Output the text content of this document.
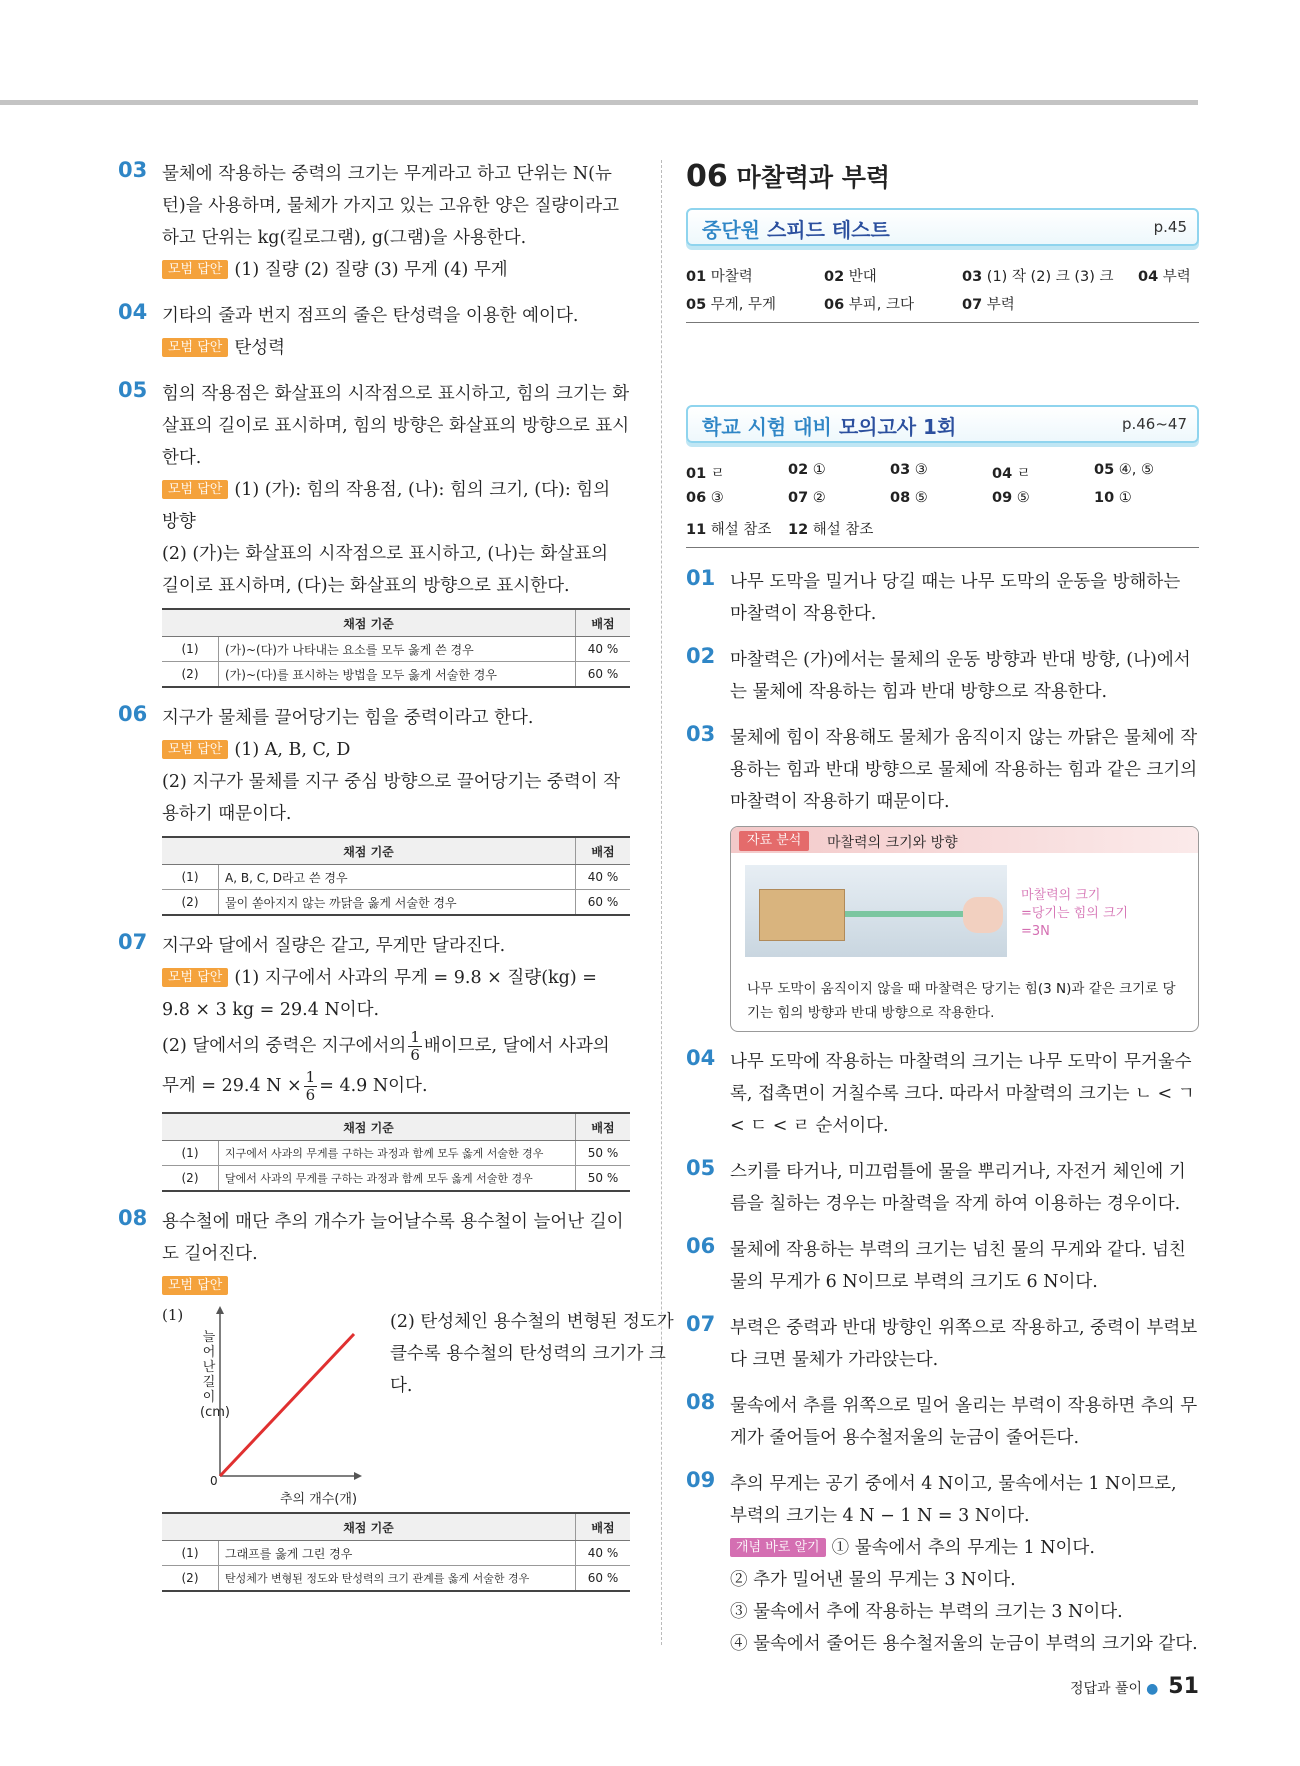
03 물체에 작용하는 중력의 크기는 무게라고 하고 단위는 N(뉴턴)을 사용하며, 물체가 가지고 있는 고유한 양은 질량이라고 하고 단위는 kg(킬로그램), g(그램)을 사용한다.

모범 답안 (1) 질량 (2) 질량 (3) 무게 (4) 무게

04 기타의 줄과 번지 점프의 줄은 탄성력을 이용한 예이다.

모범 답안 탄성력

05 힘의 작용점은 화살표의 시작점으로 표시하고, 힘의 크기는 화살표의 길이로 표시하며, 힘의 방향은 화살표의 방향으로 표시한다.

모범 답안 (1) (가): 힘의 작용점, (나): 힘의 크기, (다): 힘의 방향

(2) (가)는 화살표의 시작점으로 표시하고, (나)는 화살표의 길이로 표시하며, (다)는 화살표의 방향으로 표시한다.

채점 기준		배점
(1)	(가)~(다)가 나타내는 요소를 모두 옳게 쓴 경우	40 %
(2)	(가)~(다)를 표시하는 방법을 모두 옳게 서술한 경우	60 %
06 지구가 물체를 끌어당기는 힘을 중력이라고 한다.

모범 답안 (1) A, B, C, D

(2) 지구가 물체를 지구 중심 방향으로 끌어당기는 중력이 작용하기 때문이다.

채점 기준		배점
(1)	A, B, C, D라고 쓴 경우	40 %
(2)	물이 쏟아지지 않는 까닭을 옳게 서술한 경우	60 %
07 지구와 달에서 질량은 같고, 무게만 달라진다.

모범 답안 (1) 지구에서 사과의 무게 = 9.8 × 질량(kg) = 9.8 × 3 kg = 29.4 N이다.

(2) 달에서의 중력은 지구에서의 $\frac{1}{6}$ 배이므로, 달에서 사과의

무게 = 29.4 $N \times \frac{1}{6} = 4.9$ N이다.

채점 기준		배점
(1)	지구에서 사과의 무게를 구하는 과정과 함께 모두 옳게 서술한 경우	50 %
(2)	달에서 사과의 무게를 구하는 과정과 함께 모두 옳게 서술한 경우	50 %
08 용수철에 매단 추의 개수가 늘어날수록 용수철이 늘어난 길이도 길어진다.

모범 답안

(1)
늘어난 길이(cm)
0
추의 개수(개)

(2) 탄성체인 용수철의 변형된 정도가 클수록 용수철의 탄성력의 크기가 크다.

채점 기준		배점
(1)	그래프를 옳게 그린 경우	40 %
(2)	탄성체가 변형된 정도와 탄성력의 크기 관계를 옳게 서술한 경우	60 %
06 마찰력과 부력
중단원 스피드 테스트	p.45
01 마찰력	02 반대	03 (1) 작 (2) 크 (3) 크 04 부력
05 무게, 무게	06 부피, 크다	07 부력
학교 시험 대비 모의고사 1회	p.46~47
01 ㄹ	02 ①	03 ③	04 ㄹ	05 ④, ⑤
06 ③	07 ②	08 ⑤	09 ⑤	10 ①
11 해설 참조 12 해설 참조
01 나무 도막을 밀거나 당길 때는 나무 도막의 운동을 방해하는 마찰력이 작용한다.

02 마찰력은 (가)에서는 물체의 운동 방향과 반대 방향, (나)에서는 물체에 작용하는 힘과 반대 방향으로 작용한다.

03 물체에 힘이 작용해도 물체가 움직이지 않는 까닭은 물체에 작용하는 힘과 반대 방향으로 물체에 작용하는 힘과 같은 크기의 마찰력이 작용하기 때문이다.

자료 분석	마찰력의 크기와 방향
마찰력의 크기
=당기는 힘의 크기
=3N
나무 도막이 움직이지 않을 때 마찰력은 당기는 힘(3 N)과 같은 크기로 당기는 힘의 방향과 반대 방향으로 작용한다.
04 나무 도막에 작용하는 마찰력의 크기는 나무 도막이 무거울수록, 접촉면이 거칠수록 크다. 따라서 마찰력의 크기는 ㄴ < ㄱ < ㄷ < ㄹ 순서이다.

05 스키를 타거나, 미끄럼틀에 물을 뿌리거나, 자전거 체인에 기름을 칠하는 경우는 마찰력을 작게 하여 이용하는 경우이다.

06 물체에 작용하는 부력의 크기는 넘친 물의 무게와 같다. 넘친 물의 무게가 6 N이므로 부력의 크기도 6 N이다.

07 부력은 중력과 반대 방향인 위쪽으로 작용하고, 중력이 부력보다 크면 물체가 가라앉는다.

08 물속에서 추를 위쪽으로 밀어 올리는 부력이 작용하면 추의 무게가 줄어들어 용수철저울의 눈금이 줄어든다.

09 추의 무게는 공기 중에서 4 N이고, 물속에서는 1 N이므로, 부력의 크기는 4 N − 1 N = 3 N이다.

개념 바로 알기 ① 물속에서 추의 무게는 1 N이다.

② 추가 밀어낸 물의 무게는 3 N이다.

③ 물속에서 추에 작용하는 부력의 크기는 3 N이다.

④ 물속에서 줄어든 용수철저울의 눈금이 부력의 크기와 같다.

정답과 풀이 ● 51
